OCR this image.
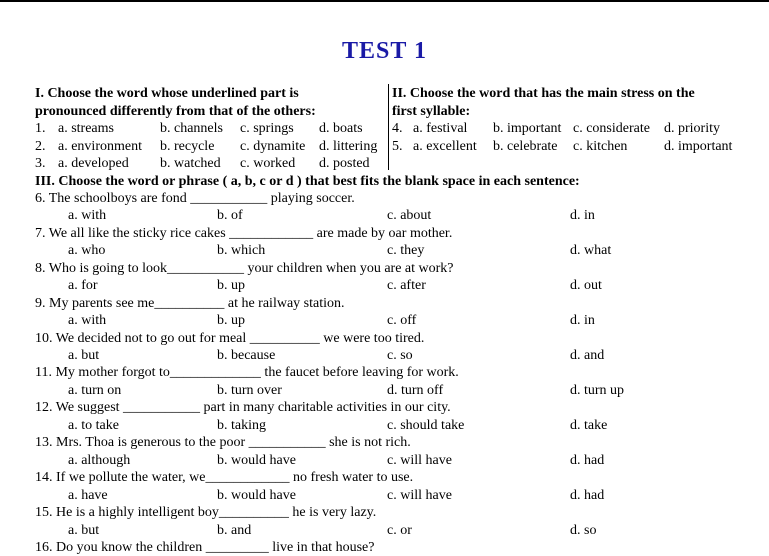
TEST 1
I. Choose the word whose underlined part is
pronounced differently from that of the others:
1. a. streams	b. channels c. springs d. boats
2. a. environment b. recycle c. dynamite d. littering
3. a. developed b. watched c. worked d. posted
II. Choose the word that has the main stress on the
first syllable:
4. a. festival b. important c. considerate d. priority
5. a. excellent b. celebrate c. kitchen	d. important
III. Choose the word or phrase ( a, b, c or d ) that best fits the blank space in each sentence:
6. The schoolboys are fond ___________ playing soccer.
a. with	b. of	c. about	d. in
7. We all like the sticky rice cakes ____________ are made by oar mother.
a. who	b. which	c. they	d. what
8. Who is going to look___________ your children when you are at work?
a. for	b. up	c. after	d. out
9. My parents see me__________ at he railway station.
a. with	b. up	c. off	d. in
10. We decided not to go out for meal __________ we were too tired.
a. but	b. because	c. so	d. and
11. My mother forgot to_____________ the faucet before leaving for work.
a. turn on	b. turn over	d. turn off	d. turn up
12. We suggest ___________ part in many charitable activities in our city.
a. to take	b. taking	c. should take	d. take
13. Mrs. Thoa is generous to the poor ___________ she is not rich.
a. although	b. would have	c. will have	d. had
14. If we pollute the water, we____________ no fresh water to use.
a. have	b. would have	c. will have	d. had
15. He is a highly intelligent boy__________ he is very lazy.
a. but	b. and	c. or	d. so
16. Do you know the children _________ live in that house?
